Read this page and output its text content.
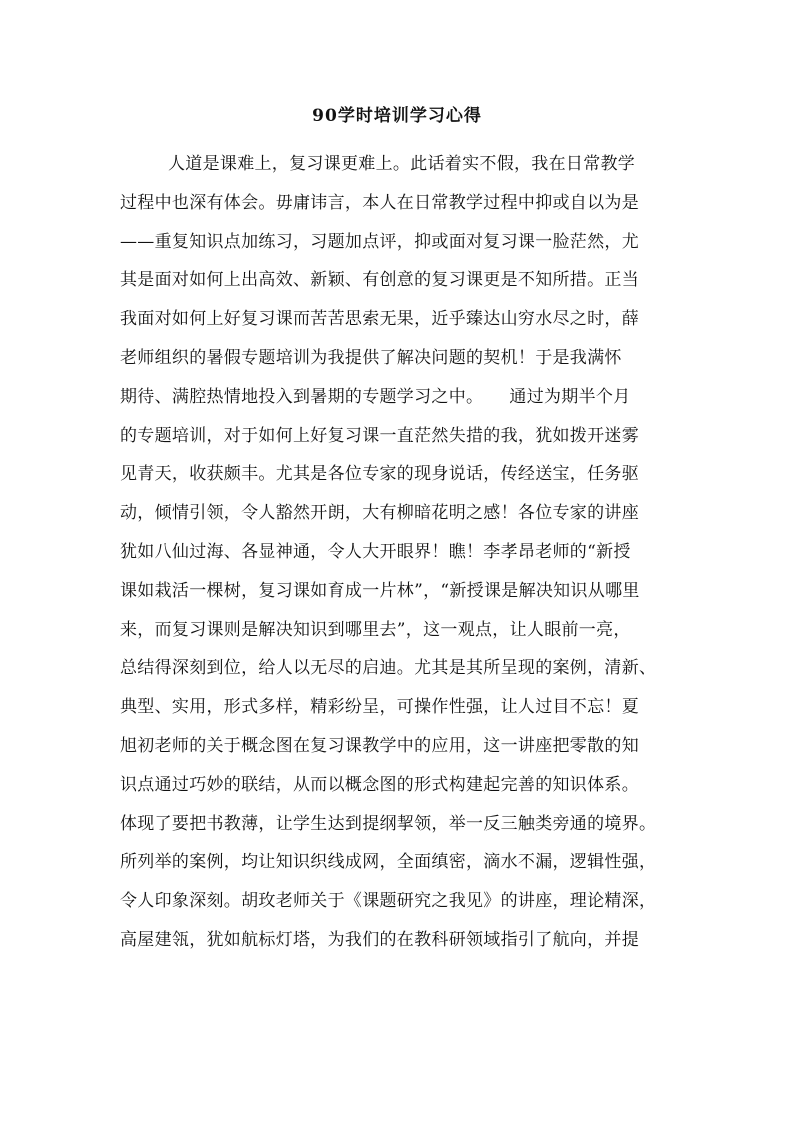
90学时培训学习心得
人道是课难上，复习课更难上。此话着实不假，我在日常教学
过程中也深有体会。毋庸讳言，本人在日常教学过程中抑或自以为是
——重复知识点加练习，习题加点评，抑或面对复习课一脸茫然，尤
其是面对如何上出高效、新颖、有创意的复习课更是不知所措。正当
我面对如何上好复习课而苦苦思索无果，近乎臻达山穷水尽之时，薛
老师组织的暑假专题培训为我提供了解决问题的契机！于是我满怀
期待、满腔热情地投入到暑期的专题学习之中。　　通过为期半个月
的专题培训，对于如何上好复习课一直茫然失措的我，犹如拨开迷雾
见青天，收获颇丰。尤其是各位专家的现身说话，传经送宝，任务驱
动，倾情引领，令人豁然开朗，大有柳暗花明之感！各位专家的讲座
犹如八仙过海、各显神通，令人大开眼界！瞧！李孝昂老师的“新授
课如栽活一棵树，复习课如育成一片林”，“新授课是解决知识从哪里
来，而复习课则是解决知识到哪里去”，这一观点，让人眼前一亮，
总结得深刻到位，给人以无尽的启迪。尤其是其所呈现的案例，清新、
典型、实用，形式多样，精彩纷呈，可操作性强，让人过目不忘！夏
旭初老师的关于概念图在复习课教学中的应用，这一讲座把零散的知
识点通过巧妙的联结，从而以概念图的形式构建起完善的知识体系。
体现了要把书教薄，让学生达到提纲挈领，举一反三触类旁通的境界。
所列举的案例，均让知识织线成网，全面缜密，滴水不漏，逻辑性强，
令人印象深刻。胡玫老师关于《课题研究之我见》的讲座，理论精深，
高屋建瓴，犹如航标灯塔，为我们的在教科研领域指引了航向，并提
